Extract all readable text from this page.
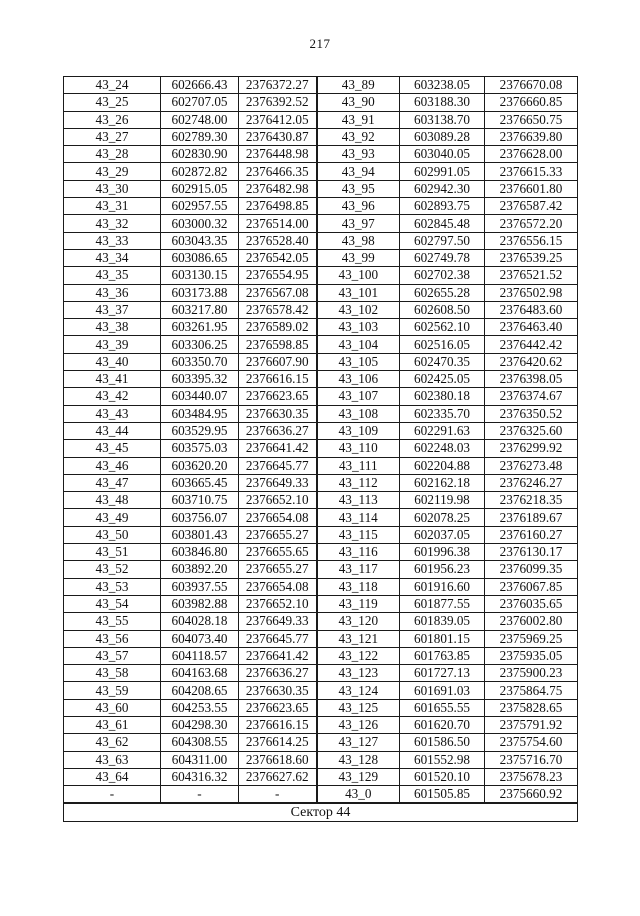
217
43_24	602666.43	2376372.27	43_89	603238.05	2376670.08
43_25	602707.05	2376392.52	43_90	603188.30	2376660.85
43_26	602748.00	2376412.05	43_91	603138.70	2376650.75
43_27	602789.30	2376430.87	43_92	603089.28	2376639.80
43_28	602830.90	2376448.98	43_93	603040.05	2376628.00
43_29	602872.82	2376466.35	43_94	602991.05	2376615.33
43_30	602915.05	2376482.98	43_95	602942.30	2376601.80
43_31	602957.55	2376498.85	43_96	602893.75	2376587.42
43_32	603000.32	2376514.00	43_97	602845.48	2376572.20
43_33	603043.35	2376528.40	43_98	602797.50	2376556.15
43_34	603086.65	2376542.05	43_99	602749.78	2376539.25
43_35	603130.15	2376554.95	43_100	602702.38	2376521.52
43_36	603173.88	2376567.08	43_101	602655.28	2376502.98
43_37	603217.80	2376578.42	43_102	602608.50	2376483.60
43_38	603261.95	2376589.02	43_103	602562.10	2376463.40
43_39	603306.25	2376598.85	43_104	602516.05	2376442.42
43_40	603350.70	2376607.90	43_105	602470.35	2376420.62
43_41	603395.32	2376616.15	43_106	602425.05	2376398.05
43_42	603440.07	2376623.65	43_107	602380.18	2376374.67
43_43	603484.95	2376630.35	43_108	602335.70	2376350.52
43_44	603529.95	2376636.27	43_109	602291.63	2376325.60
43_45	603575.03	2376641.42	43_110	602248.03	2376299.92
43_46	603620.20	2376645.77	43_111	602204.88	2376273.48
43_47	603665.45	2376649.33	43_112	602162.18	2376246.27
43_48	603710.75	2376652.10	43_113	602119.98	2376218.35
43_49	603756.07	2376654.08	43_114	602078.25	2376189.67
43_50	603801.43	2376655.27	43_115	602037.05	2376160.27
43_51	603846.80	2376655.65	43_116	601996.38	2376130.17
43_52	603892.20	2376655.27	43_117	601956.23	2376099.35
43_53	603937.55	2376654.08	43_118	601916.60	2376067.85
43_54	603982.88	2376652.10	43_119	601877.55	2376035.65
43_55	604028.18	2376649.33	43_120	601839.05	2376002.80
43_56	604073.40	2376645.77	43_121	601801.15	2375969.25
43_57	604118.57	2376641.42	43_122	601763.85	2375935.05
43_58	604163.68	2376636.27	43_123	601727.13	2375900.23
43_59	604208.65	2376630.35	43_124	601691.03	2375864.75
43_60	604253.55	2376623.65	43_125	601655.55	2375828.65
43_61	604298.30	2376616.15	43_126	601620.70	2375791.92
43_62	604308.55	2376614.25	43_127	601586.50	2375754.60
43_63	604311.00	2376618.60	43_128	601552.98	2375716.70
43_64	604316.32	2376627.62	43_129	601520.10	2375678.23
-	-	-	43_0	601505.85	2375660.92
Сектор 44					
